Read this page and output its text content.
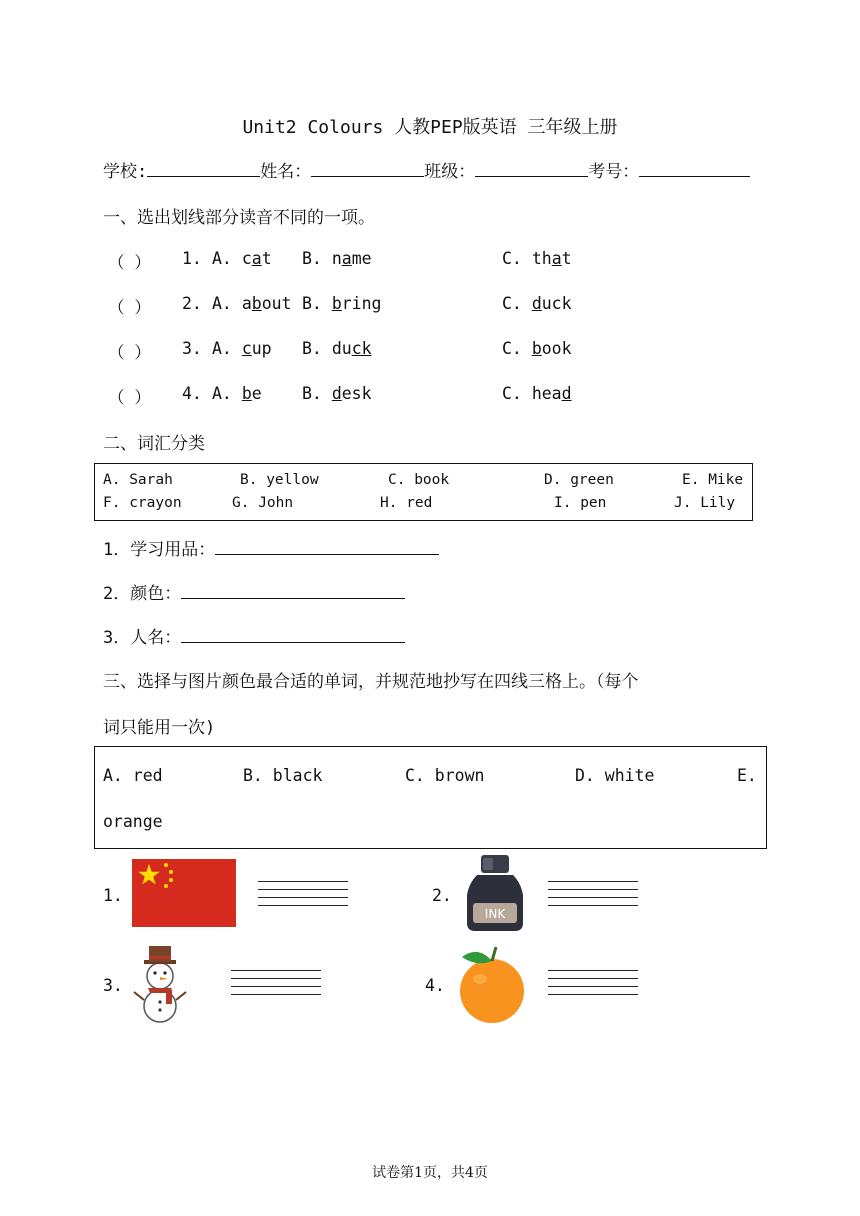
Unit2 Colours 人教PEP版英语 三年级上册
学校:	姓名：	班级：	考号：
一、选出划线部分读音不同的一项。
（ ） 1. A. cat B. name	C. that
（ ） 2. A. about B. bring	C. duck
（ ） 3. A. cup B. duck	C. book
（ ） 4. A. be B. desk	C. head
二、词汇分类
A. Sarah	B. yellow	C. book	D. green	E. Mike
F. crayon	G. John	H. red	I. pen	J. Lily
1．学习用品：
2．颜色：
3．人名：
三、选择与图片颜色最合适的单词，并规范地抄写在四线三格上。（每个
词只能用一次)
A. red	B. black	C. brown	D. white	E.
orange
1.	2.
INK
3.	4.
试卷第1页，共4页
